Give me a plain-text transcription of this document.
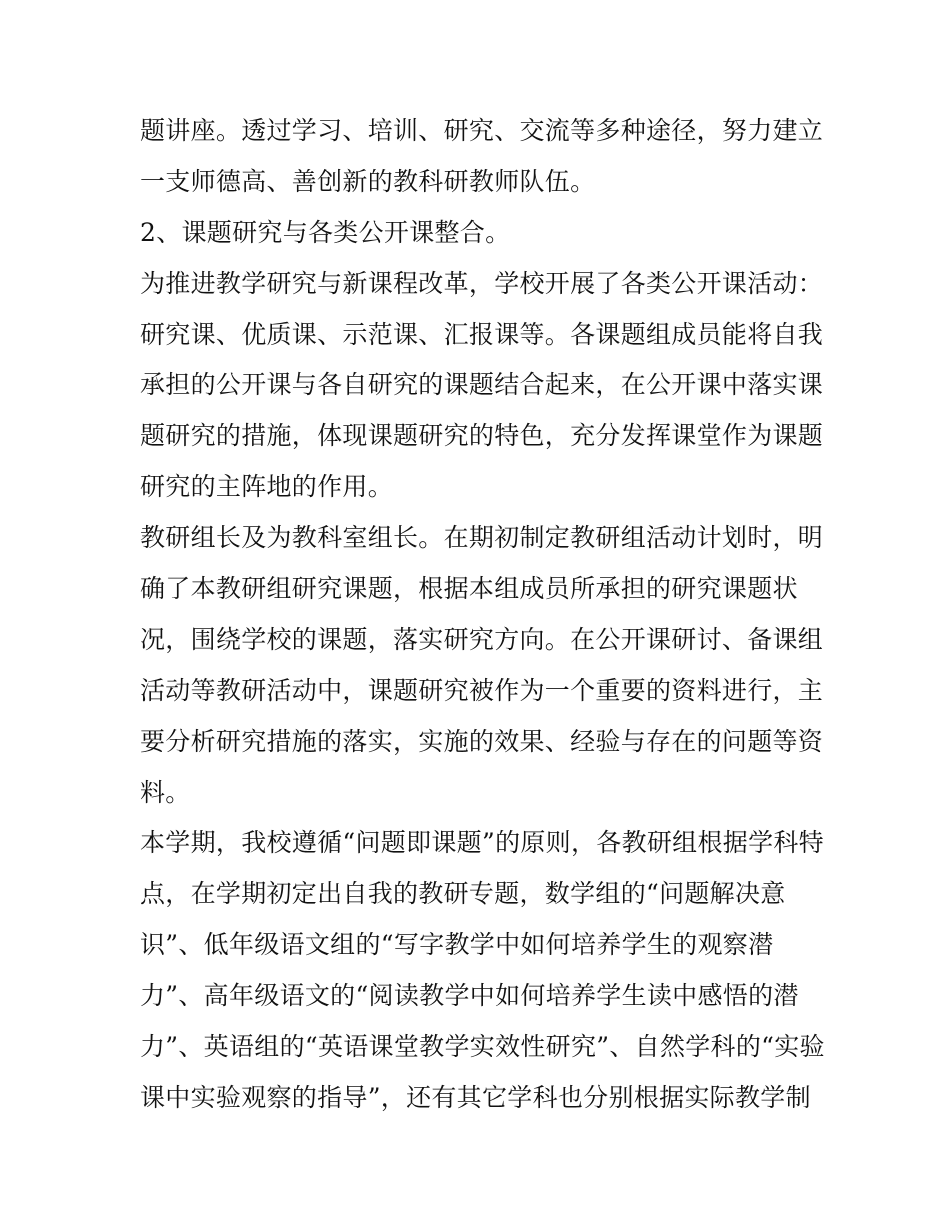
题讲座。透过学习、培训、研究、交流等多种途径，努力建立
一支师德高、善创新的教科研教师队伍。
2、课题研究与各类公开课整合。
为推进教学研究与新课程改革，学校开展了各类公开课活动：
研究课、优质课、示范课、汇报课等。各课题组成员能将自我
承担的公开课与各自研究的课题结合起来，在公开课中落实课
题研究的措施，体现课题研究的特色，充分发挥课堂作为课题
研究的主阵地的作用。
教研组长及为教科室组长。在期初制定教研组活动计划时，明
确了本教研组研究课题，根据本组成员所承担的研究课题状
况，围绕学校的课题，落实研究方向。在公开课研讨、备课组
活动等教研活动中，课题研究被作为一个重要的资料进行，主
要分析研究措施的落实，实施的效果、经验与存在的问题等资
料。
本学期，我校遵循“问题即课题”的原则，各教研组根据学科特
点，在学期初定出自我的教研专题，数学组的“问题解决意
识”、低年级语文组的“写字教学中如何培养学生的观察潜
力”、高年级语文的“阅读教学中如何培养学生读中感悟的潜
力”、英语组的“英语课堂教学实效性研究”、自然学科的“实验
课中实验观察的指导”，还有其它学科也分别根据实际教学制
